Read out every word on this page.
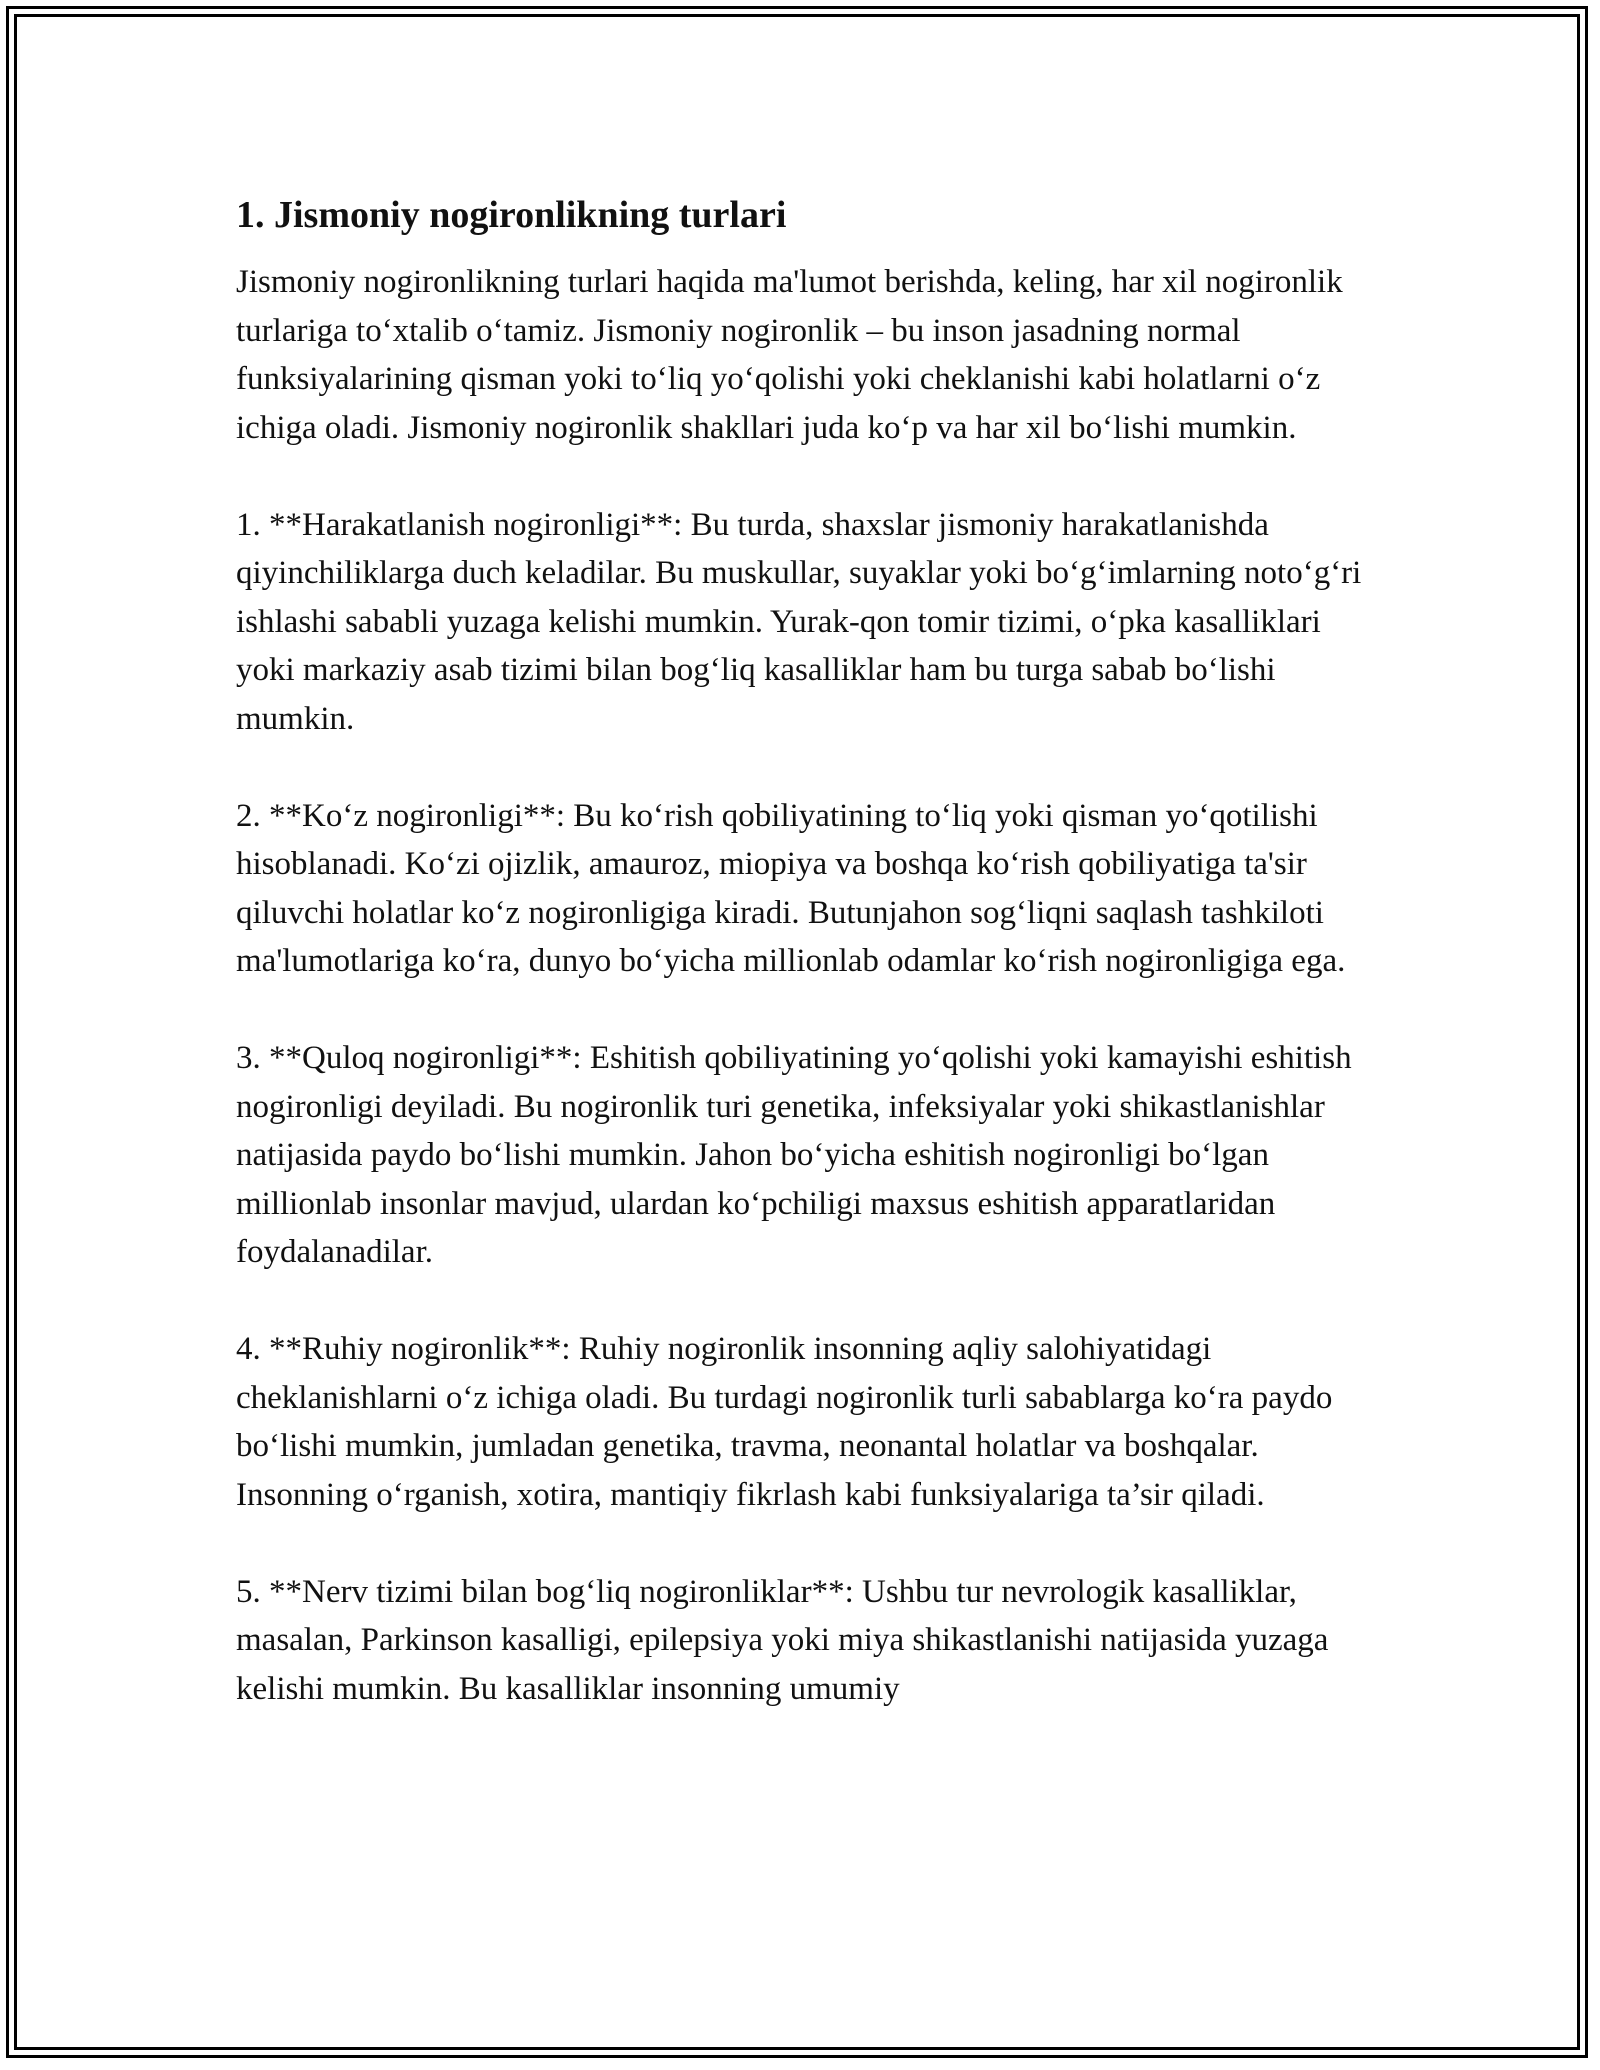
1. Jismoniy nogironlikning turlari

Jismoniy nogironlikning turlari haqida ma'lumot berishda, keling, har xil nogironlik turlariga to‘xtalib o‘tamiz. Jismoniy nogironlik – bu inson jasadning normal funksiyalarining qisman yoki to‘liq yo‘qolishi yoki cheklanishi kabi holatlarni o‘z ichiga oladi. Jismoniy nogironlik shakllari juda ko‘p va har xil bo‘lishi mumkin.

1. **Harakatlanish nogironligi**: Bu turda, shaxslar jismoniy harakatlanishda qiyinchiliklarga duch keladilar. Bu muskullar, suyaklar yoki bo‘g‘imlarning noto‘g‘ri ishlashi sababli yuzaga kelishi mumkin. Yurak-qon tomir tizimi, o‘pka kasalliklari yoki markaziy asab tizimi bilan bog‘liq kasalliklar ham bu turga sabab bo‘lishi mumkin.

2. **Ko‘z nogironligi**: Bu ko‘rish qobiliyatining to‘liq yoki qisman yo‘qotilishi hisoblanadi. Ko‘zi ojizlik, amauroz, miopiya va boshqa ko‘rish qobiliyatiga ta'sir qiluvchi holatlar ko‘z nogironligiga kiradi. Butunjahon sog‘liqni saqlash tashkiloti ma'lumotlariga ko‘ra, dunyo bo‘yicha millionlab odamlar ko‘rish nogironligiga ega.

3. **Quloq nogironligi**: Eshitish qobiliyatining yo‘qolishi yoki kamayishi eshitish nogironligi deyiladi. Bu nogironlik turi genetika, infeksiyalar yoki shikastlanishlar natijasida paydo bo‘lishi mumkin. Jahon bo‘yicha eshitish nogironligi bo‘lgan millionlab insonlar mavjud, ulardan ko‘pchiligi maxsus eshitish apparatlaridan foydalanadilar.

4. **Ruhiy nogironlik**: Ruhiy nogironlik insonning aqliy salohiyatidagi cheklanishlarni o‘z ichiga oladi. Bu turdagi nogironlik turli sabablarga ko‘ra paydo bo‘lishi mumkin, jumladan genetika, travma, neonantal holatlar va boshqalar. Insonning o‘rganish, xotira, mantiqiy fikrlash kabi funksiyalariga ta’sir qiladi.

5. **Nerv tizimi bilan bog‘liq nogironliklar**: Ushbu tur nevrologik kasalliklar, masalan, Parkinson kasalligi, epilepsiya yoki miya shikastlanishi natijasida yuzaga kelishi mumkin. Bu kasalliklar insonning umumiy
